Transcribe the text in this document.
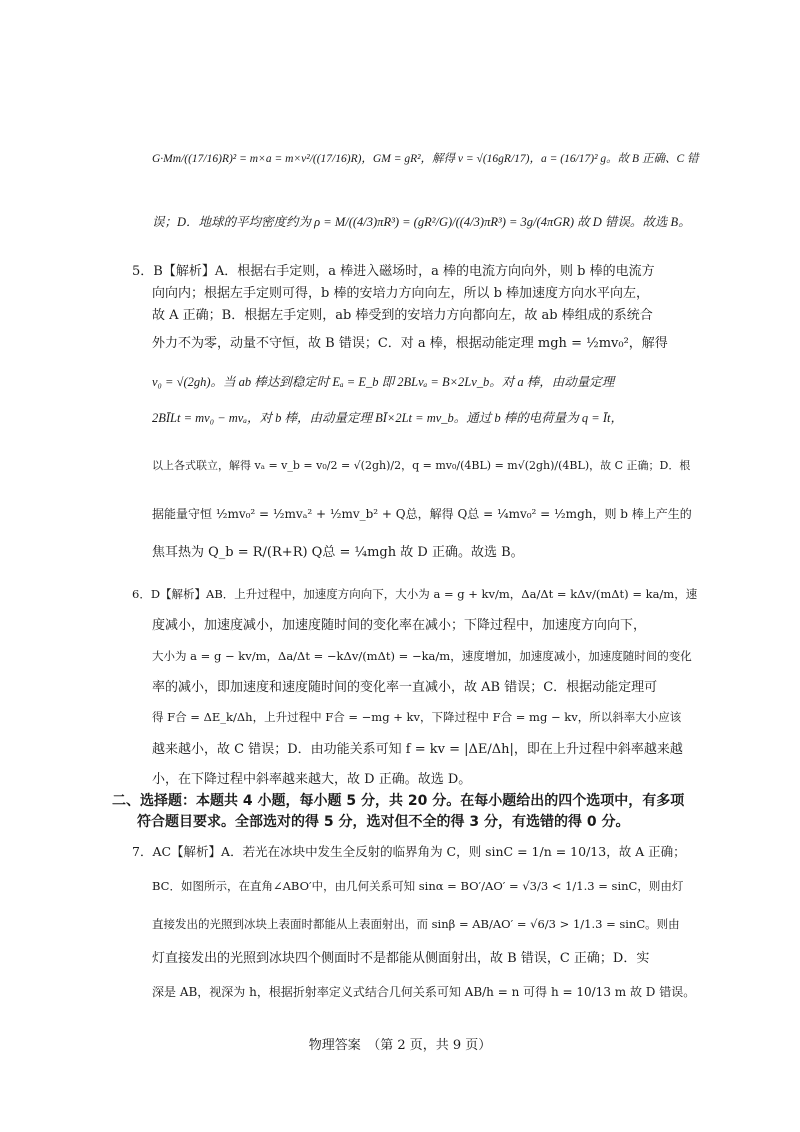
G·Mm/((17/16)R)² = m×a = m×v²/((17/16)R)，GM = gR²，解得 v = √(16gR/17)，a = (16/17)² g。故 B 正确、C 错
误；D．地球的平均密度约为 ρ = M/((4/3)πR³) = (gR²/G)/((4/3)πR³) = 3g/(4πGR) 故 D 错误。故选 B。
5．B【解析】A．根据右手定则，a 棒进入磁场时，a 棒的电流方向向外，则 b 棒的电流方
向向内；根据左手定则可得，b 棒的安培力方向向左，所以 b 棒加速度方向水平向左，
故 A 正确；B．根据左手定则，ab 棒受到的安培力方向都向左，故 ab 棒组成的系统合
外力不为零，动量不守恒，故 B 错误；C．对 a 棒，根据动能定理 mgh = ½mv₀²，解得
v₀ = √(2gh)。当 ab 棒达到稳定时 Eₐ = E_b 即 2BLvₐ = B×2Lv_b。对 a 棒，由动量定理
2BĪLt = mv₀ − mvₐ，对 b 棒，由动量定理 BĪ×2Lt = mv_b。通过 b 棒的电荷量为 q = Īt，
以上各式联立，解得 vₐ = v_b = v₀/2 = √(2gh)/2，q = mv₀/(4BL) = m√(2gh)/(4BL)，故 C 正确；D．根
据能量守恒 ½mv₀² = ½mvₐ² + ½mv_b² + Q总，解得 Q总 = ¼mv₀² = ½mgh，则 b 棒上产生的
焦耳热为 Q_b = R/(R+R) Q总 = ¼mgh 故 D 正确。故选 B。
6．D【解析】AB．上升过程中，加速度方向向下，大小为 a = g + kv/m，Δa/Δt = kΔv/(mΔt) = ka/m，速
度减小，加速度减小，加速度随时间的变化率在减小；下降过程中，加速度方向向下，
大小为 a = g − kv/m，Δa/Δt = −kΔv/(mΔt) = −ka/m，速度增加，加速度减小，加速度随时间的变化
率的减小，即加速度和速度随时间的变化率一直减小，故 AB 错误；C．根据动能定理可
得 F合 = ΔE_k/Δh，上升过程中 F合 = −mg + kv，下降过程中 F合 = mg − kv，所以斜率大小应该
越来越小，故 C 错误；D．由功能关系可知 f = kv = |ΔE/Δh|，即在上升过程中斜率越来越
小，在下降过程中斜率越来越大，故 D 正确。故选 D。
二、选择题：本题共 4 小题，每小题 5 分，共 20 分。在每小题给出的四个选项中，有多项
符合题目要求。全部选对的得 5 分，选对但不全的得 3 分，有选错的得 0 分。
7．AC【解析】A．若光在冰块中发生全反射的临界角为 C，则 sinC = 1/n = 10/13，故 A 正确；
BC．如图所示，在直角∠ABO′中，由几何关系可知 sinα = BO′/AO′ = √3/3 < 1/1.3 = sinC，则由灯
直接发出的光照到冰块上表面时都能从上表面射出，而 sinβ = AB/AO′ = √6/3 > 1/1.3 = sinC。则由
灯直接发出的光照到冰块四个侧面时不是都能从侧面射出，故 B 错误，C 正确；D．实
深是 AB，视深为 h，根据折射率定义式结合几何关系可知 AB/h = n 可得 h = 10/13 m 故 D 错误。
物理答案　（第 2 页，共 9 页）
